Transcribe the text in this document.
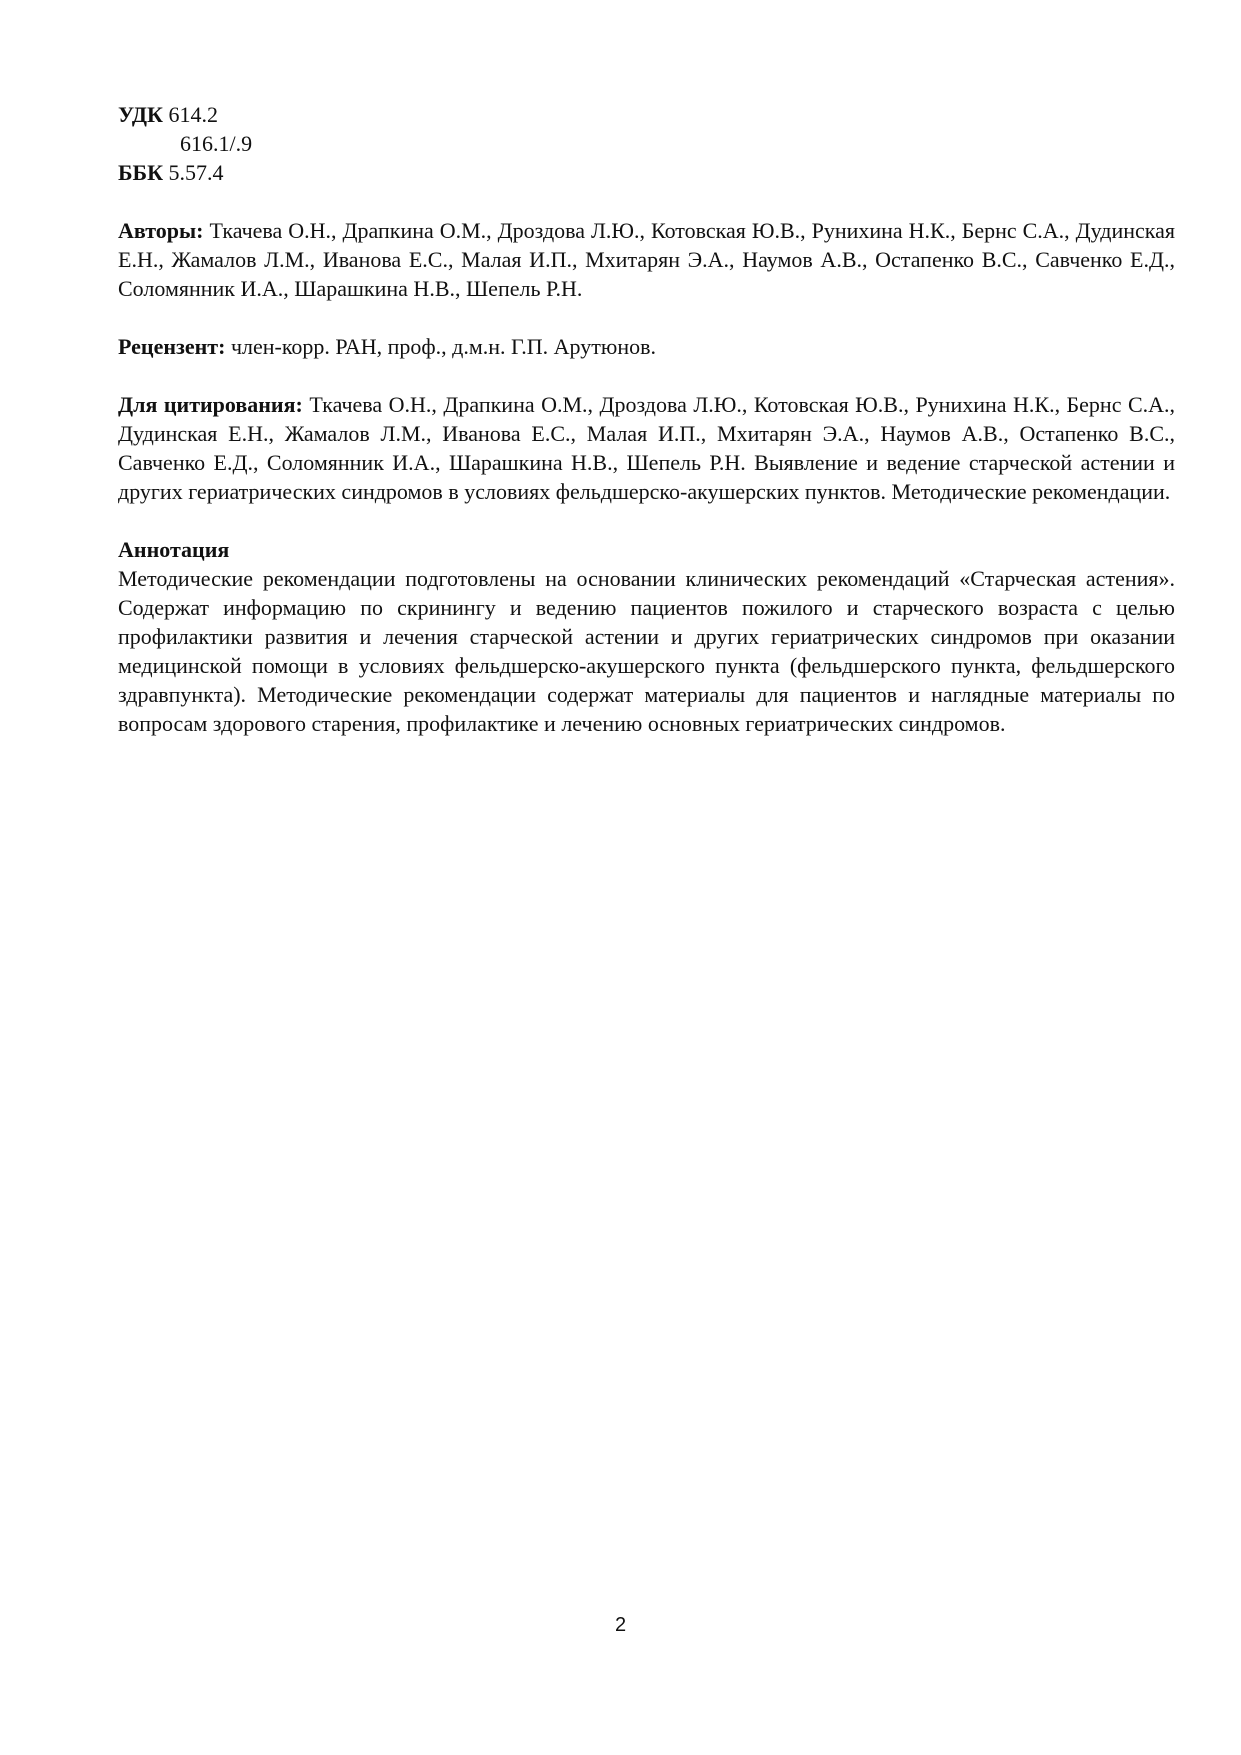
УДК 614.2
616.1/.9
ББК 5.57.4
Авторы: Ткачева О.Н., Драпкина О.М., Дроздова Л.Ю., Котовская Ю.В., Рунихина Н.К., Бернс С.А., Дудинская Е.Н., Жамалов Л.М., Иванова Е.С., Малая И.П., Мхитарян Э.А., Наумов А.В., Остапенко В.С., Савченко Е.Д., Соломянник И.А., Шарашкина Н.В., Шепель Р.Н.
Рецензент: член-корр. РАН, проф., д.м.н. Г.П. Арутюнов.
Для цитирования: Ткачева О.Н., Драпкина О.М., Дроздова Л.Ю., Котовская Ю.В., Рунихина Н.К., Бернс С.А., Дудинская Е.Н., Жамалов Л.М., Иванова Е.С., Малая И.П., Мхитарян Э.А., Наумов А.В., Остапенко В.С., Савченко Е.Д., Соломянник И.А., Шарашкина Н.В., Шепель Р.Н. Выявление и ведение старческой астении и других гериатрических синдромов в условиях фельдшерско-акушерских пунктов. Методические рекомендации.
Аннотация
Методические рекомендации подготовлены на основании клинических рекомендаций «Старческая астения». Содержат информацию по скринингу и ведению пациентов пожилого и старческого возраста с целью профилактики развития и лечения старческой астении и других гериатрических синдромов при оказании медицинской помощи в условиях фельдшерско-акушерского пункта (фельдшерского пункта, фельдшерского здравпункта). Методические рекомендации содержат материалы для пациентов и наглядные материалы по вопросам здорового старения, профилактике и лечению основных гериатрических синдромов.
2
